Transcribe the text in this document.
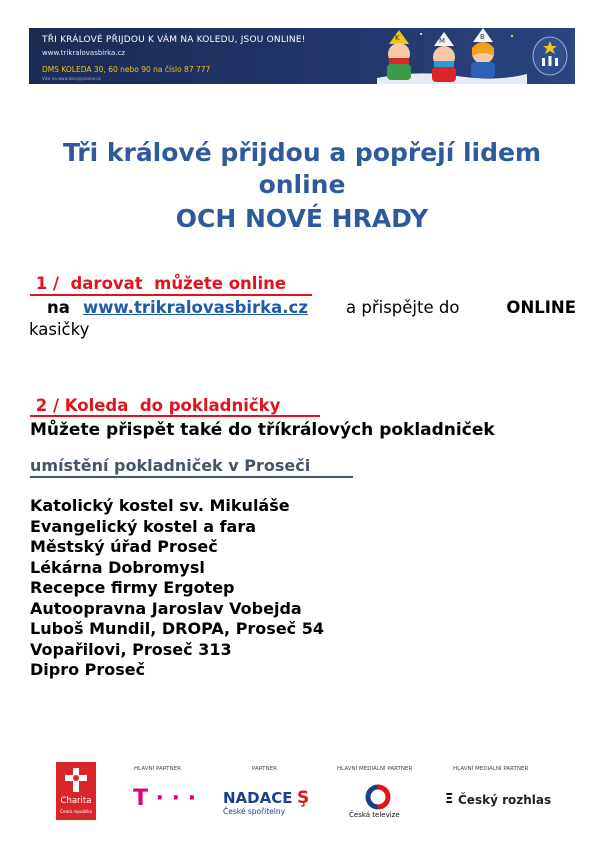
TŘI KRÁLOVÉ PŘIJDOU K VÁM NA KOLEDU, JSOU ONLINE!
www.trikralovasbirka.cz
DMS KOLEDA 30, 60 nebo 90 na číslo 87 777
Více na www.darujspravne.cz
K	M	B
Tři králové přijdou a popřejí lidem
online
OCH NOVÉ HRADY
1 /  darovat  můžete online
na www.trikralovasbirka.cz a přispějte do	ONLINE
kasičky
2 / Koleda  do pokladničky
Můžete přispět také do tříkrálových pokladniček
umístění pokladniček v Proseči
Katolický kostel sv. Mikuláše
Evangelický kostel a fara
Městský úřad Proseč
Lékárna Dobromysl
Recepce firmy Ergotep
Autoopravna Jaroslav Vobejda
Luboš Mundil, DROPA, Proseč 54
Vopařilovi, Proseč 313
Dipro Proseč
Charita
Česká republika
HLAVNÍ PARTNER
T · · ·
PARTNER
NADACE Ş
České spořitelny
HLAVNÍ MEDIÁLNÍ PARTNER
Česká televize
HLAVNÍ MEDIÁLNÍ PARTNER
Ξ Český rozhlas
